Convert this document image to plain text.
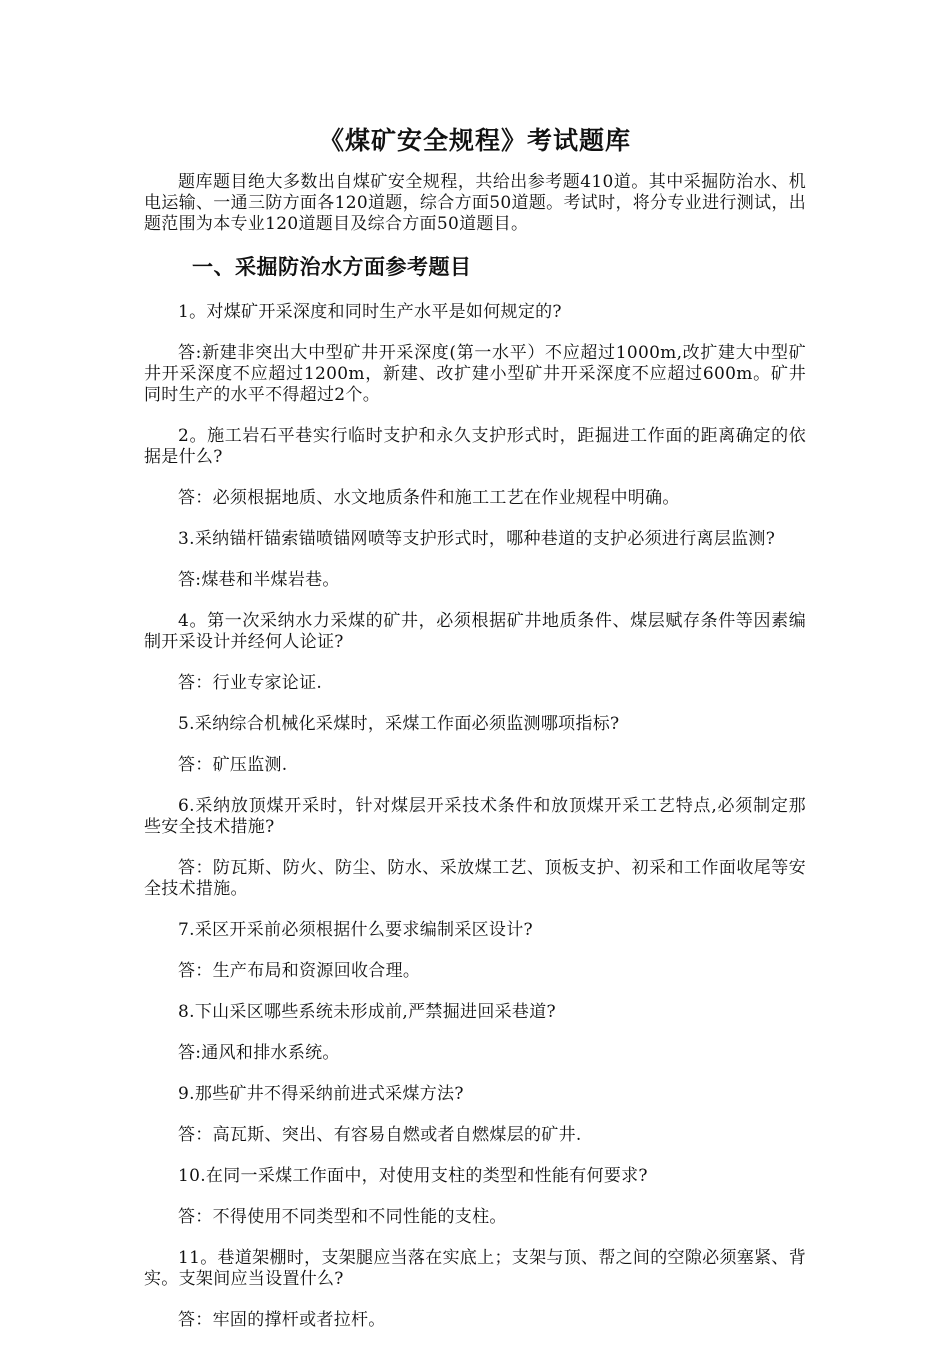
《煤矿安全规程》考试题库

题库题目绝大多数出自煤矿安全规程，共给出参考题410道。其中采掘防治水、机电运输、一通三防方面各120道题，综合方面50道题。考试时，将分专业进行测试，出题范围为本专业120道题目及综合方面50道题目。

一、采掘防治水方面参考题目

1。对煤矿开采深度和同时生产水平是如何规定的?

答:新建非突出大中型矿井开采深度(第一水平）不应超过1000m,改扩建大中型矿井开采深度不应超过1200m，新建、改扩建小型矿井开采深度不应超过600m。矿井同时生产的水平不得超过2个。

2。施工岩石平巷实行临时支护和永久支护形式时，距掘进工作面的距离确定的依据是什么?

答：必须根据地质、水文地质条件和施工工艺在作业规程中明确。

3.采纳锚杆锚索锚喷锚网喷等支护形式时，哪种巷道的支护必须进行离层监测?

答:煤巷和半煤岩巷。

4。第一次采纳水力采煤的矿井，必须根据矿井地质条件、煤层赋存条件等因素编制开采设计并经何人论证?

答：行业专家论证.

5.采纳综合机械化采煤时，采煤工作面必须监测哪项指标?

答：矿压监测.

6.采纳放顶煤开采时，针对煤层开采技术条件和放顶煤开采工艺特点,必须制定那些安全技术措施?

答：防瓦斯、防火、防尘、防水、采放煤工艺、顶板支护、初采和工作面收尾等安全技术措施。

7.采区开采前必须根据什么要求编制采区设计?

答：生产布局和资源回收合理。

8.下山采区哪些系统未形成前,严禁掘进回采巷道?

答:通风和排水系统。

9.那些矿井不得采纳前进式采煤方法?

答：高瓦斯、突出、有容易自燃或者自燃煤层的矿井.

10.在同一采煤工作面中，对使用支柱的类型和性能有何要求?

答：不得使用不同类型和不同性能的支柱。

11。巷道架棚时，支架腿应当落在实底上；支架与顶、帮之间的空隙必须塞紧、背实。支架间应当设置什么?

答：牢固的撑杆或者拉杆。
